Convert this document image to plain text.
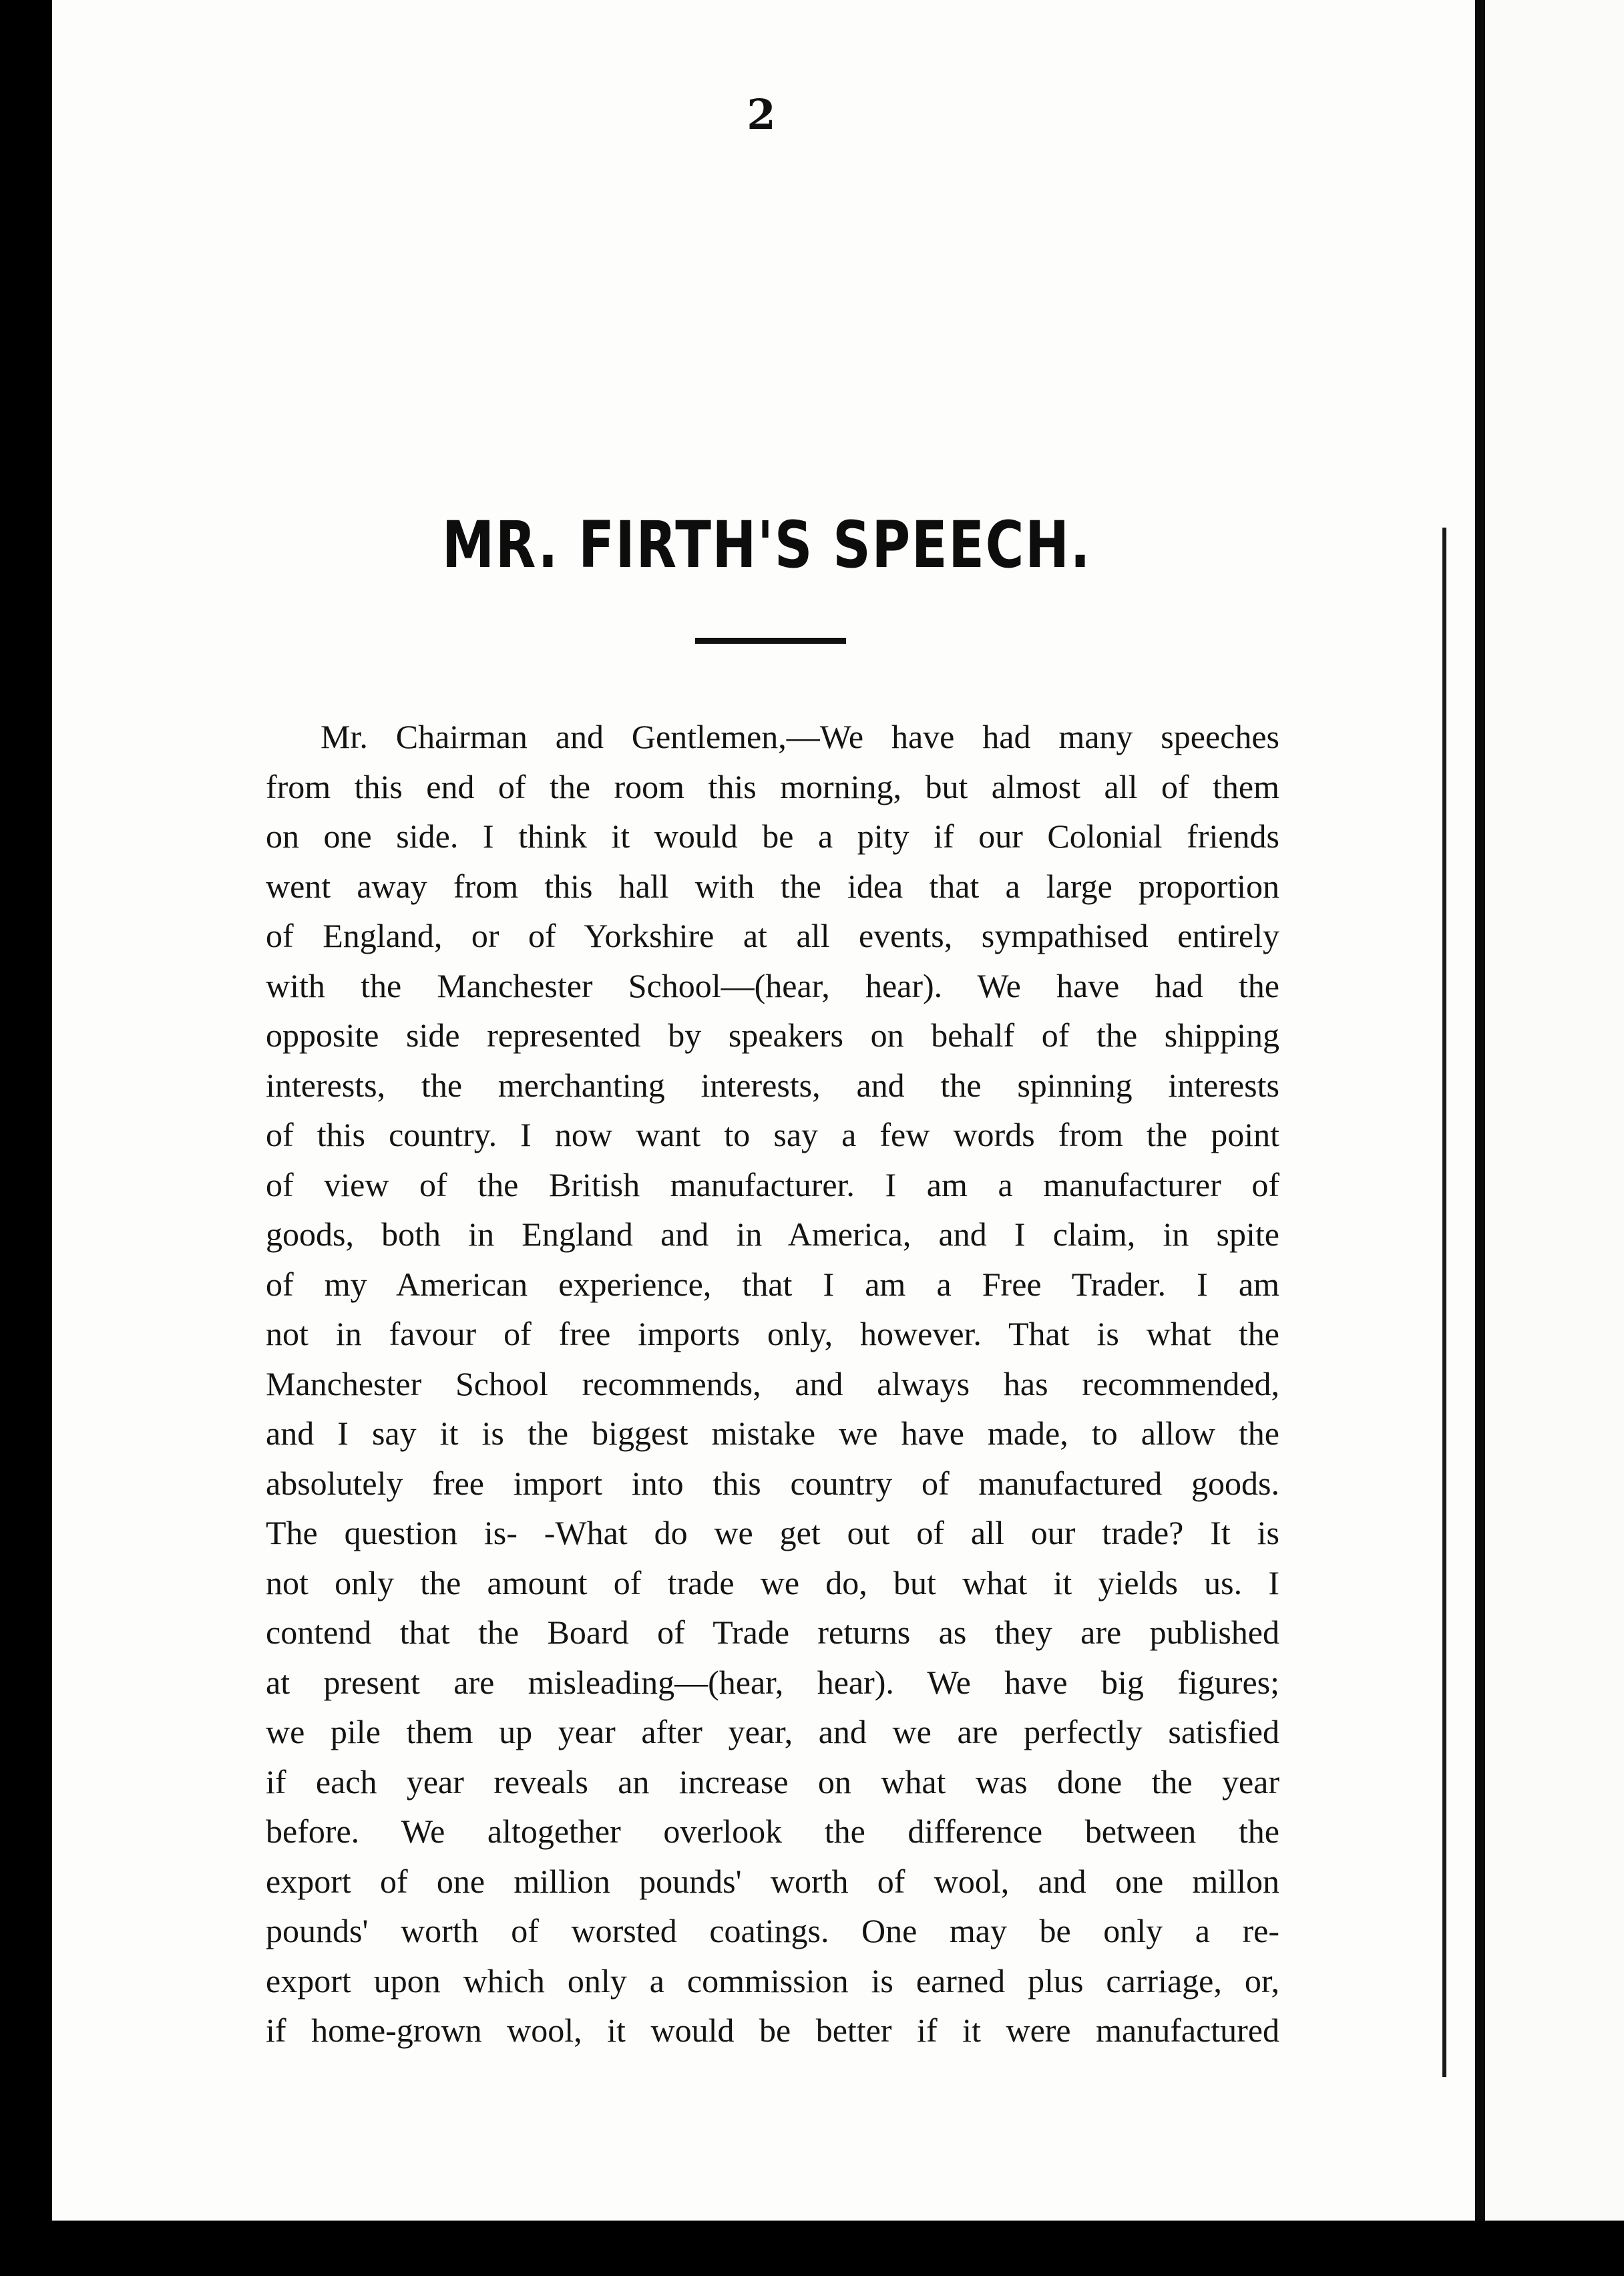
2
MR. FIRTH'S SPEECH.
Mr. Chairman and Gentlemen,—We have had many speeches
from this end of the room this morning, but almost all of them
on one side. I think it would be a pity if our Colonial friends
went away from this hall with the idea that a large proportion
of England, or of Yorkshire at all events, sympathised entirely
with the Manchester School—(hear, hear). We have had the
opposite side represented by speakers on behalf of the shipping
interests, the merchanting interests, and the spinning interests
of this country. I now want to say a few words from the point
of view of the British manufacturer. I am a manufacturer of
goods, both in England and in America, and I claim, in spite
of my American experience, that I am a Free Trader. I am
not in favour of free imports only, however. That is what the
Manchester School recommends, and always has recommended,
and I say it is the biggest mistake we have made, to allow the
absolutely free import into this country of manufactured goods.
The question is- -What do we get out of all our trade? It is
not only the amount of trade we do, but what it yields us. I
contend that the Board of Trade returns as they are published
at present are misleading—(hear, hear). We have big figures;
we pile them up year after year, and we are perfectly satisfied
if each year reveals an increase on what was done the year
before. We altogether overlook the difference between the
export of one million pounds' worth of wool, and one millon
pounds' worth of worsted coatings. One may be only a re-
export upon which only a commission is earned plus carriage, or,
if home-grown wool, it would be better if it were manufactured
